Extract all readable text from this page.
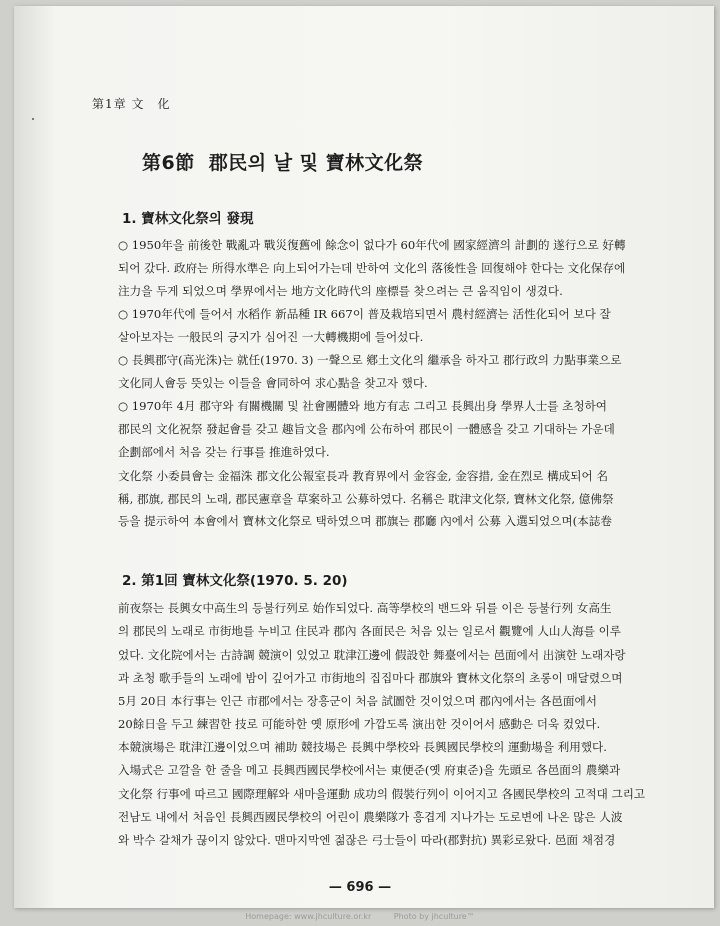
第1章 文　化
第6節 郡民의 날 및 寶林文化祭
1. 寶林文化祭의 發現
○ 1950年을 前後한 戰亂과 戰災復舊에 餘念이 없다가 60年代에 國家經濟의 計劃的 遂行으로 好轉
되어 갔다. 政府는 所得水準은 向上되어가는데 반하여 文化의 落後性을 回復해야 한다는 文化保存에
注力을 두게 되었으며 學界에서는 地方文化時代의 座標를 찾으려는 큰 움직임이 생겼다.
○ 1970年代에 들어서 水稻作 新品種 IR 667이 普及栽培되면서 農村經濟는 活性化되어 보다 잘
살아보자는 一般民의 긍지가 심어진 一大轉機期에 들어섰다.
○ 長興郡守(高光洙)는 就任(1970. 3) 一聲으로 鄕土文化의 繼承을 하자고 郡行政의 力點事業으로
文化同人會등 뜻있는 이들을 會同하여 求心點을 찾고자 했다.
○ 1970年 4月 郡守와 有關機關 및 社會團體와 地方有志 그리고 長興出身 學界人士를 초청하여
郡民의 文化祝祭 發起會를 갖고 趣旨文을 郡內에 公布하여 郡民이 一體感을 갖고 기대하는 가운데
企劃部에서 처음 갖는 行事를 推進하였다.
文化祭 小委員會는 金福洙 郡文化公報室長과 教育界에서 金容金, 金容措, 金在烈로 構成되어 名
稱, 郡旗, 郡民의 노래, 郡民憲章을 草案하고 公募하였다. 名稱은 耽津文化祭, 寶林文化祭, 億佛祭
등을 提示하여 本會에서 寶林文化祭로 택하였으며 郡旗는 郡廳 內에서 公募 入選되었으며(本誌卷
2. 第1回 寶林文化祭(1970. 5. 20)
前夜祭는 長興女中高生의 등불行列로 始作되었다. 高等學校의 밴드와 뒤를 이은 등불行列 女高生
의 郡民의 노래로 市街地를 누비고 住民과 郡內 各面民은 처음 있는 일로서 觀覽에 人山人海를 이루
었다. 文化院에서는 古詩調 競演이 있었고 耽津江邊에 假設한 舞臺에서는 邑面에서 出演한 노래자랑
과 초청 歌手들의 노래에 밤이 깊어가고 市街地의 집집마다 郡旗와 寶林文化祭의 초롱이 매달렸으며
5月 20日 本行事는 인근 市郡에서는 장흥군이 처음 試圖한 것이었으며 郡內에서는 各邑面에서
20餘日을 두고 練習한 技로 可能하한 옛 原形에 가깝도록 演出한 것이어서 感動은 더욱 컸었다.
本競演場은 耽津江邊이었으며 補助 競技場은 長興中學校와 長興國民學校의 運動場을 利用했다.
入場式은 고깔을 한 줄을 메고 長興西國民學校에서는 東便준(옛 府東준)을 先頭로 各邑面의 農樂과
文化祭 行事에 따르고 國際理解와 새마을運動 成功의 假裝行列이 이어지고 各國民學校의 고적대 그리고
전남도 내에서 처음인 長興西國民學校의 어린이 農樂隊가 흥겹게 지나가는 도로변에 나온 많은 人波
와 박수 갈채가 끊이지 않았다. 맨마지막엔 젊잖은 弓士들이 따라(郡對抗) 異彩로왔다. 邑面 채점경
— 696 —
Homepage: www.jhculture.or.kr	Photo by jhculture™
